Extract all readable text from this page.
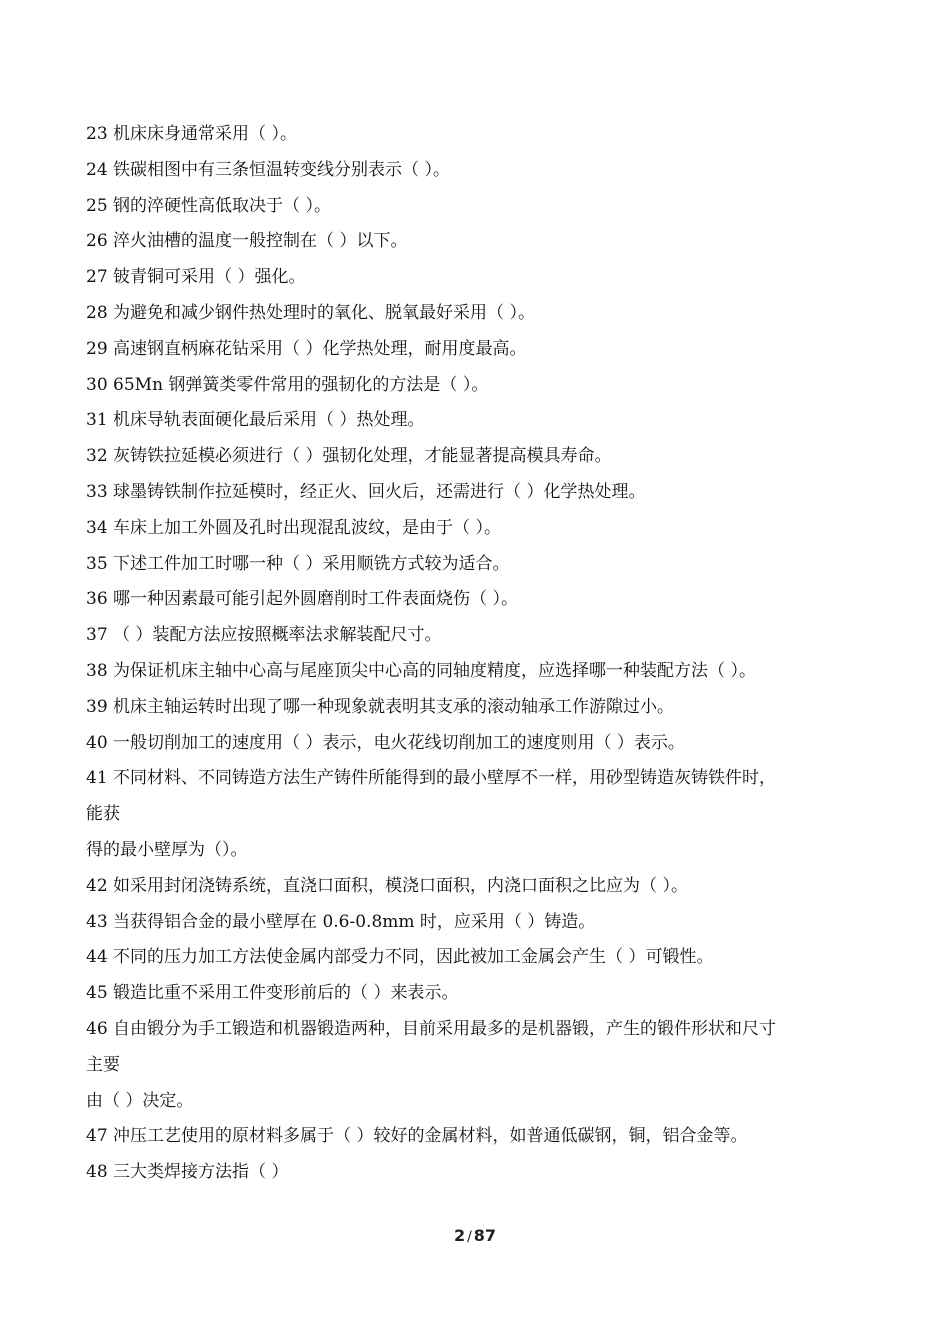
23 机床床身通常采用（ ）。
24 铁碳相图中有三条恒温转变线分别表示（ ）。
25 钢的淬硬性高低取决于（ ）。
26 淬火油槽的温度一般控制在（ ）以下。
27 铍青铜可采用（ ）强化。
28 为避免和减少钢件热处理时的氧化、脱氧最好采用（ ）。
29 高速钢直柄麻花钻采用（ ）化学热处理，耐用度最高。
30 65Mn 钢弹簧类零件常用的强韧化的方法是（ ）。
31 机床导轨表面硬化最后采用（ ）热处理。
32 灰铸铁拉延模必须进行（ ）强韧化处理，才能显著提高模具寿命。
33 球墨铸铁制作拉延模时，经正火、回火后，还需进行（ ）化学热处理。
34 车床上加工外圆及孔时出现混乱波纹，是由于（ ）。
35 下述工件加工时哪一种（ ）采用顺铣方式较为适合。
36 哪一种因素最可能引起外圆磨削时工件表面烧伤（ ）。
37 （ ）装配方法应按照概率法求解装配尺寸。
38 为保证机床主轴中心高与尾座顶尖中心高的同轴度精度，应选择哪一种装配方法（ ）。
39 机床主轴运转时出现了哪一种现象就表明其支承的滚动轴承工作游隙过小。
40 一般切削加工的速度用（ ）表示，电火花线切削加工的速度则用（ ）表示。
41 不同材料、不同铸造方法生产铸件所能得到的最小壁厚不一样，用砂型铸造灰铸铁件时，
能获
得的最小壁厚为（）。
42 如采用封闭浇铸系统，直浇口面积，模浇口面积，内浇口面积之比应为（ ）。
43 当获得铝合金的最小壁厚在 0.6-0.8mm 时，应采用（ ）铸造。
44 不同的压力加工方法使金属内部受力不同，因此被加工金属会产生（ ）可锻性。
45 锻造比重不采用工件变形前后的（ ）来表示。
46 自由锻分为手工锻造和机器锻造两种，目前采用最多的是机器锻，产生的锻件形状和尺寸
主要
由（ ）决定。
47 冲压工艺使用的原材料多属于（ ）较好的金属材料，如普通低碳钢，铜，铝合金等。
48 三大类焊接方法指（ ）
2 / 87
